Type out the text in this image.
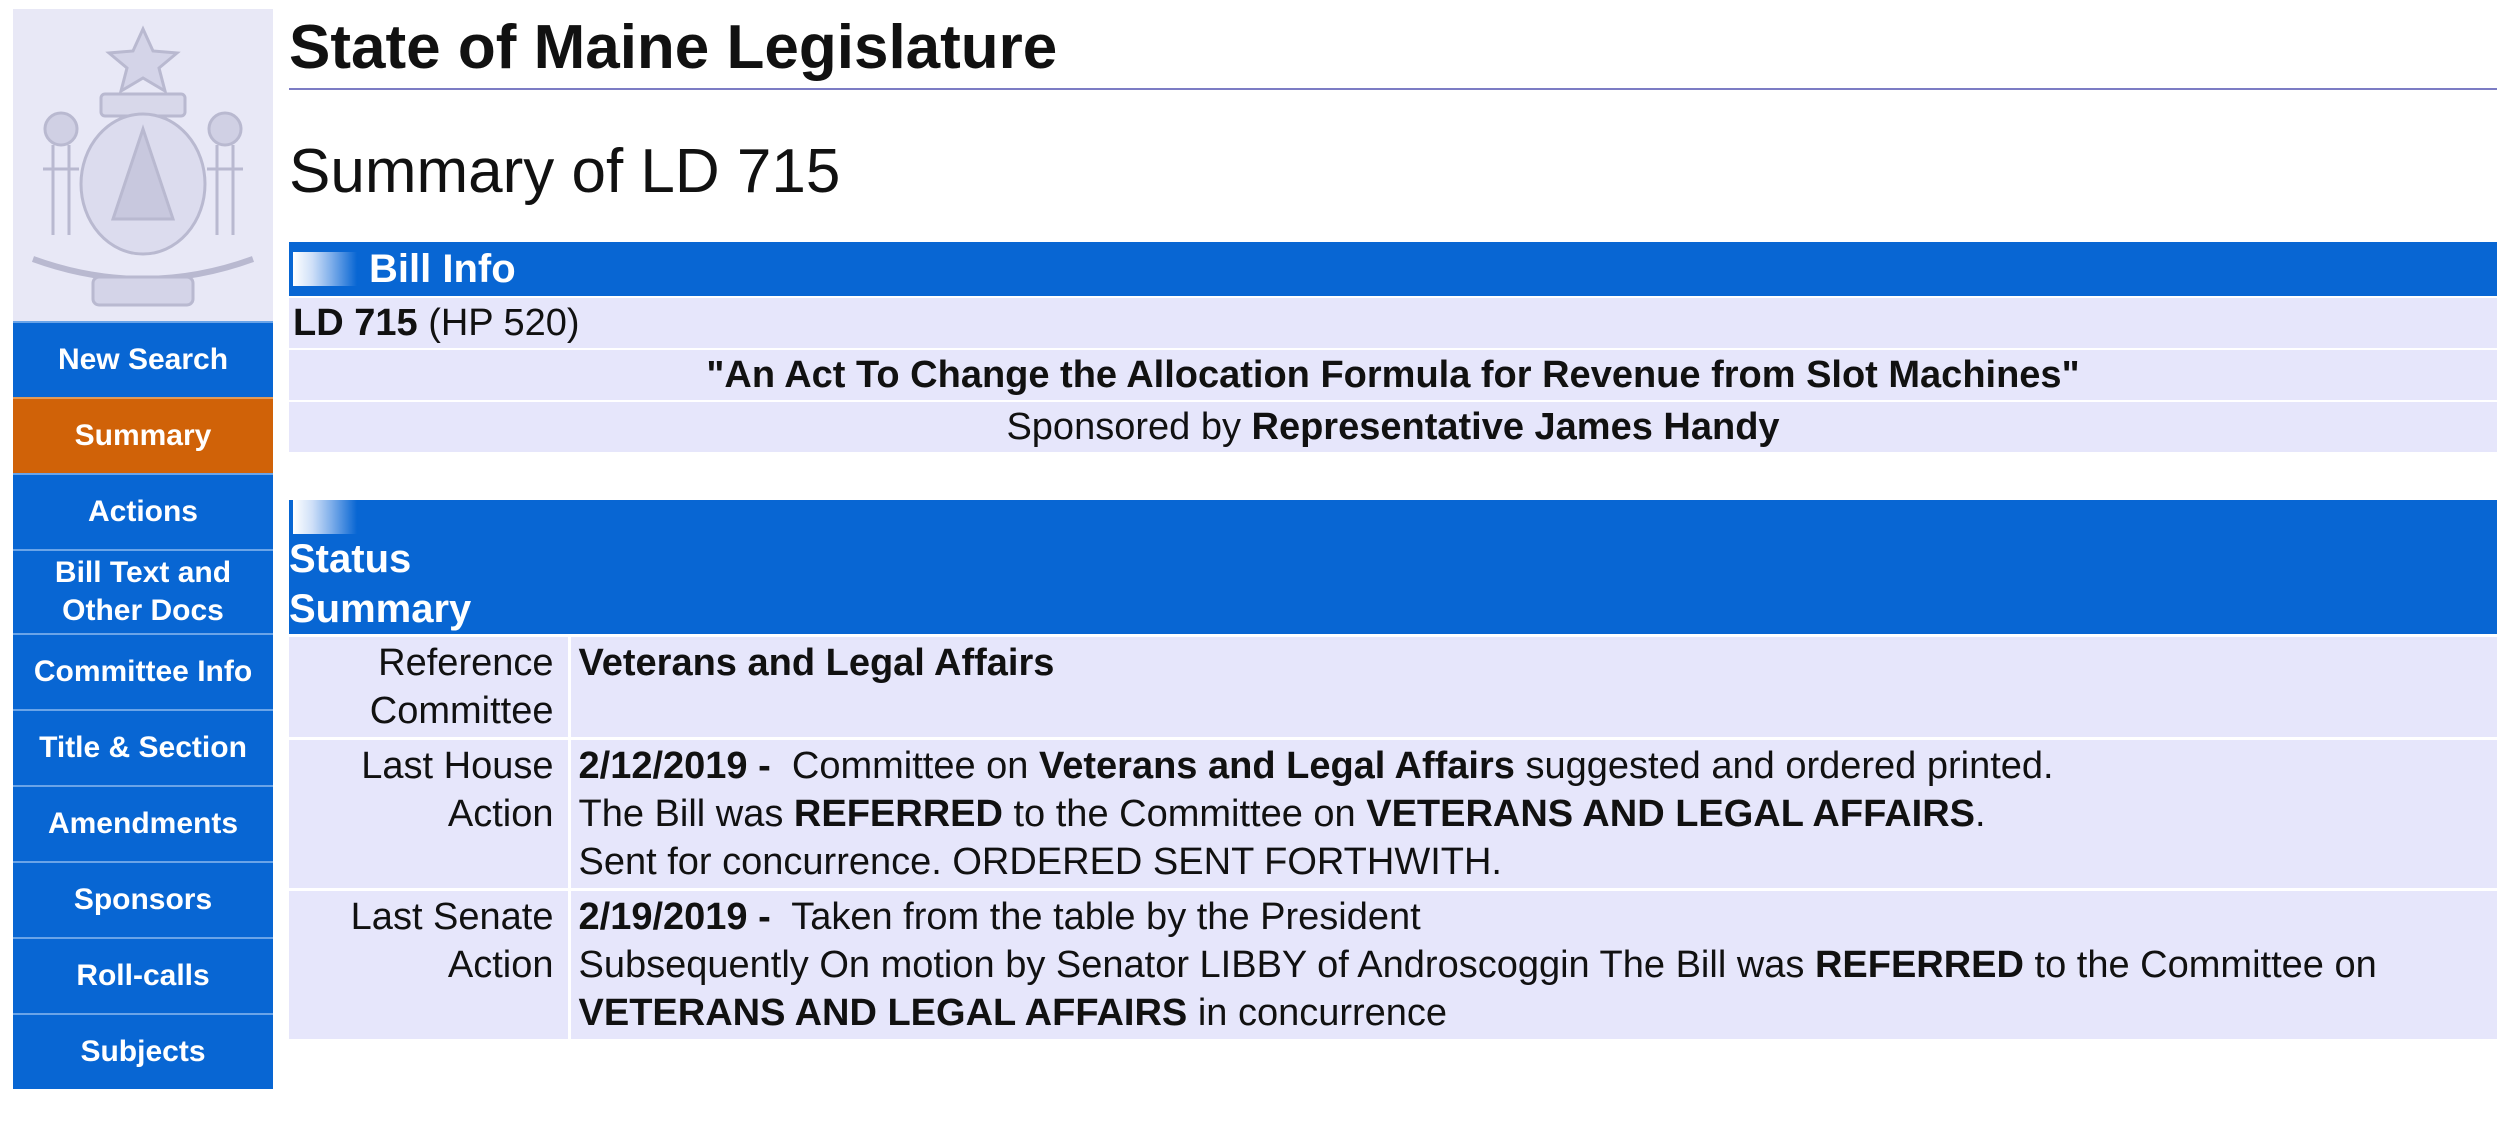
New Search
Summary
Actions
Bill Text and Other Docs
Committee Info
Title & Section
Amendments
Sponsors
Roll-calls
Subjects
State of Maine Legislature
Summary of LD 715
Bill Info
LD 715 (HP 520)
"An Act To Change the Allocation Formula for Revenue from Slot Machines"
Sponsored by Representative James Handy
Status Summary	

Reference Committee	Veterans and Legal Affairs
Last House Action	2/12/2019 - Committee on Veterans and Legal Affairs suggested and ordered printed.
The Bill was REFERRED to the Committee on VETERANS AND LEGAL AFFAIRS.
Sent for concurrence. ORDERED SENT FORTHWITH.

Last Senate Action	2/19/2019 - Taken from the table by the President
Subsequently On motion by Senator LIBBY of Androscoggin The Bill was REFERRED to the Committee on VETERANS AND LEGAL AFFAIRS in concurrence
